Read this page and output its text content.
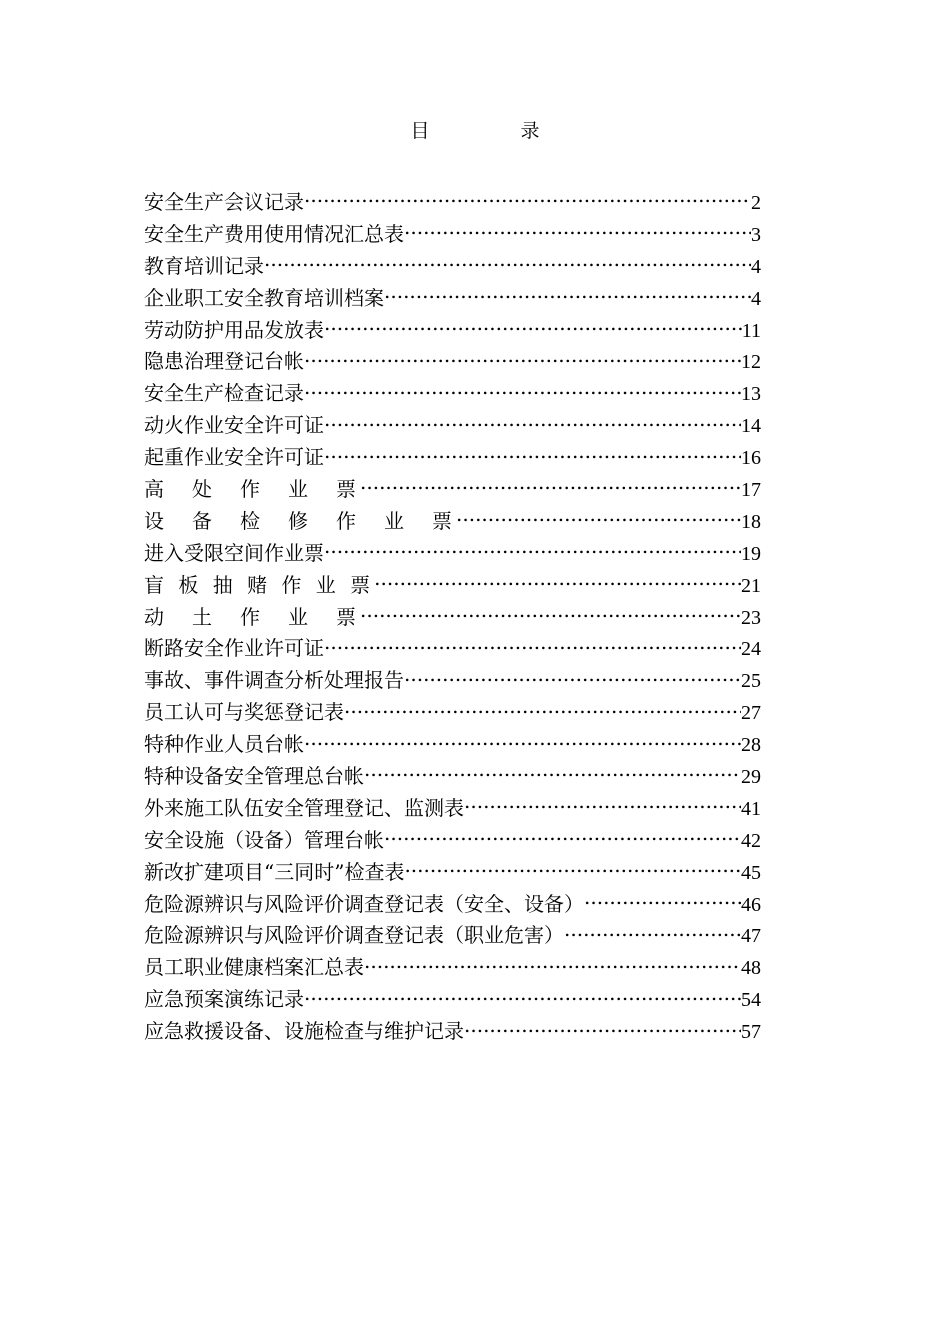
目　录
安全生产会议记录 .....	2
安全生产费用使用情况汇总表 .....	3
教育培训记录 .....	4
企业职工安全教育培训档案 .....	4
劳动防护用品发放表 .....	11
隐患治理登记台帐 .....	12
安全生产检查记录 .....	13
动火作业安全许可证 .....	14
起重作业安全许可证 .....	16
高　处　作　业　票 .....	17
设　备　检　修　作　业　票 .....	18
进入受限空间作业票 .....	19
盲 板 抽 赌 作 业 票 .....	21
动　土　作　业　票 .....	23
断路安全作业许可证 .....	24
事故、事件调查分析处理报告 .....	25
员工认可与奖惩登记表 .....	27
特种作业人员台帐 .....	28
特种设备安全管理总台帐 .....	29
外来施工队伍安全管理登记、监测表 .....	41
安全设施（设备）管理台帐 .....	42
新改扩建项目“三同时”检查表 .....	45
危险源辨识与风险评价调查登记表（安全、设备） .....	46
危险源辨识与风险评价调查登记表（职业危害） .....	47
员工职业健康档案汇总表 .....	48
应急预案演练记录 .....	54
应急救援设备、设施检查与维护记录 .....	57
